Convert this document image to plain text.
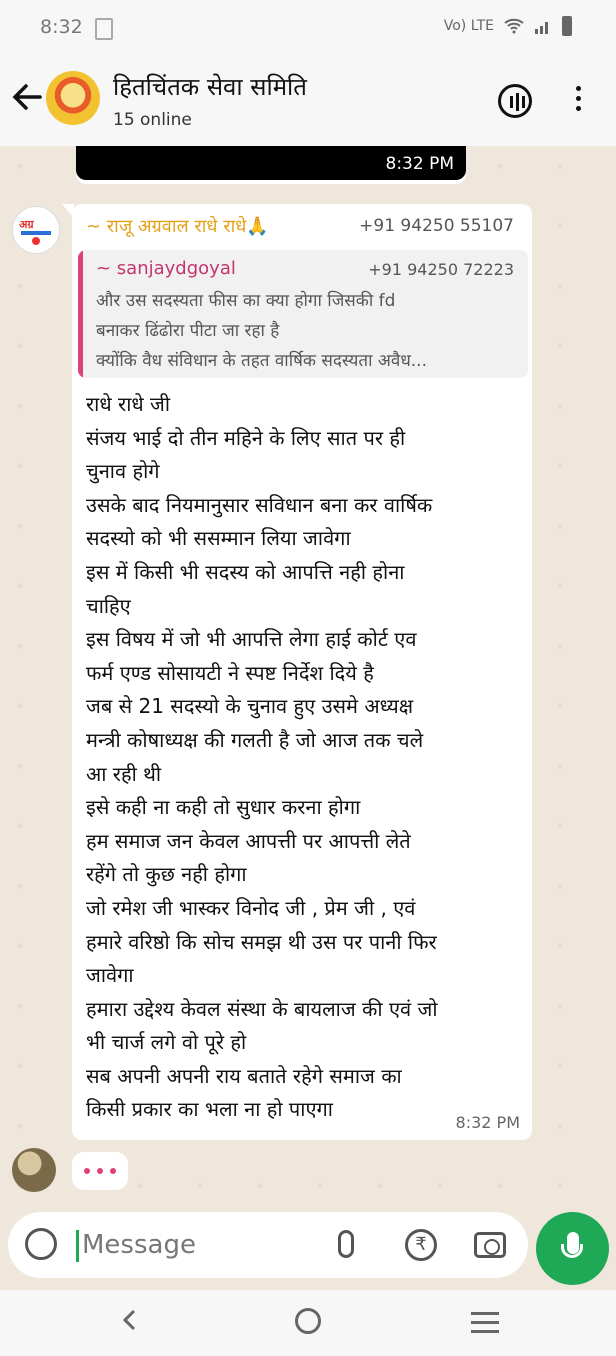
8:32	Vo) LTE
हितचिंतक सेवा समिति
15 online
8:32 PM
अग्र	~ राजू अग्रवाल राधे राधे🙏	+91 94250 55107
~ sanjaydgoyal	+91 94250 72223
और उस सदस्यता फीस का क्या होगा जिसकी fd
बनाकर ढिंढोरा पीटा जा रहा है
क्योंकि वैध संविधान के तहत वार्षिक सदस्यता अवैध...
राधे राधे जी
संजय भाई दो तीन महिने के लिए सात पर ही
चुनाव होगे
उसके बाद नियमानुसार सविधान बना कर वार्षिक
सदस्यो को भी ससम्मान लिया जावेगा
इस में किसी भी सदस्य को आपत्ति नही होना
चाहिए
इस विषय में जो भी आपत्ति लेगा हाई कोर्ट एव
फर्म एण्ड सोसायटी ने स्पष्ट निर्देश दिये है
जब से 21 सदस्यो के चुनाव हुए उसमे अध्यक्ष
मन्त्री कोषाध्यक्ष की गलती है जो आज तक चले
आ रही थी
इसे कही ना कही तो सुधार करना होगा
हम समाज जन केवल आपत्ती पर आपत्ती लेते
रहेंगे तो कुछ नही होगा
जो रमेश जी भास्कर विनोद जी , प्रेम जी , एवं
हमारे वरिष्ठो कि सोच समझ थी उस पर पानी फिर
जावेगा
हमारा उद्देश्य केवल संस्था के बायलाज की एवं जो
भी चार्ज लगे वो पूरे हो
सब अपनी अपनी राय बताते रहेगे समाज का
किसी प्रकार का भला ना हो पाएगा
8:32 PM
Message	₹
